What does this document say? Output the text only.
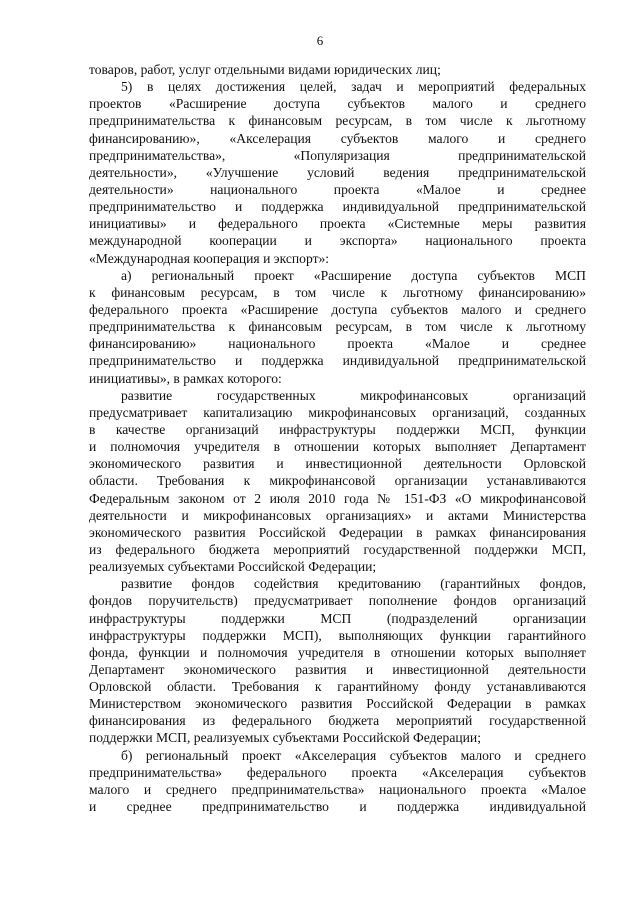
6
товаров, работ, услуг отдельными видами юридических лиц;
5) в целях достижения целей, задач и мероприятий федеральных
проектов «Расширение доступа субъектов малого и среднего
предпринимательства к финансовым ресурсам, в том числе к льготному
финансированию», «Акселерация субъектов малого и среднего
предпринимательства», «Популяризация предпринимательской
деятельности», «Улучшение условий ведения предпринимательской
деятельности» национального проекта «Малое и среднее
предпринимательство и поддержка индивидуальной предпринимательской
инициативы» и федерального проекта «Системные меры развития
международной кооперации и экспорта» национального проекта
«Международная кооперация и экспорт»:
а) региональный проект «Расширение доступа субъектов МСП
к финансовым ресурсам, в том числе к льготному финансированию»
федерального проекта «Расширение доступа субъектов малого и среднего
предпринимательства к финансовым ресурсам, в том числе к льготному
финансированию» национального проекта «Малое и среднее
предпринимательство и поддержка индивидуальной предпринимательской
инициативы», в рамках которого:
развитие государственных микрофинансовых организаций
предусматривает капитализацию микрофинансовых организаций, созданных
в качестве организаций инфраструктуры поддержки МСП, функции
и полномочия учредителя в отношении которых выполняет Департамент
экономического развития и инвестиционной деятельности Орловской
области. Требования к микрофинансовой организации устанавливаются
Федеральным законом от 2 июля 2010 года № 151-ФЗ «О микрофинансовой
деятельности и микрофинансовых организациях» и актами Министерства
экономического развития Российской Федерации в рамках финансирования
из федерального бюджета мероприятий государственной поддержки МСП,
реализуемых субъектами Российской Федерации;
развитие фондов содействия кредитованию (гарантийных фондов,
фондов поручительств) предусматривает пополнение фондов организаций
инфраструктуры поддержки МСП (подразделений организации
инфраструктуры поддержки МСП), выполняющих функции гарантийного
фонда, функции и полномочия учредителя в отношении которых выполняет
Департамент экономического развития и инвестиционной деятельности
Орловской области. Требования к гарантийному фонду устанавливаются
Министерством экономического развития Российской Федерации в рамках
финансирования из федерального бюджета мероприятий государственной
поддержки МСП, реализуемых субъектами Российской Федерации;
б) региональный проект «Акселерация субъектов малого и среднего
предпринимательства» федерального проекта «Акселерация субъектов
малого и среднего предпринимательства» национального проекта «Малое
и среднее предпринимательство и поддержка индивидуальной
